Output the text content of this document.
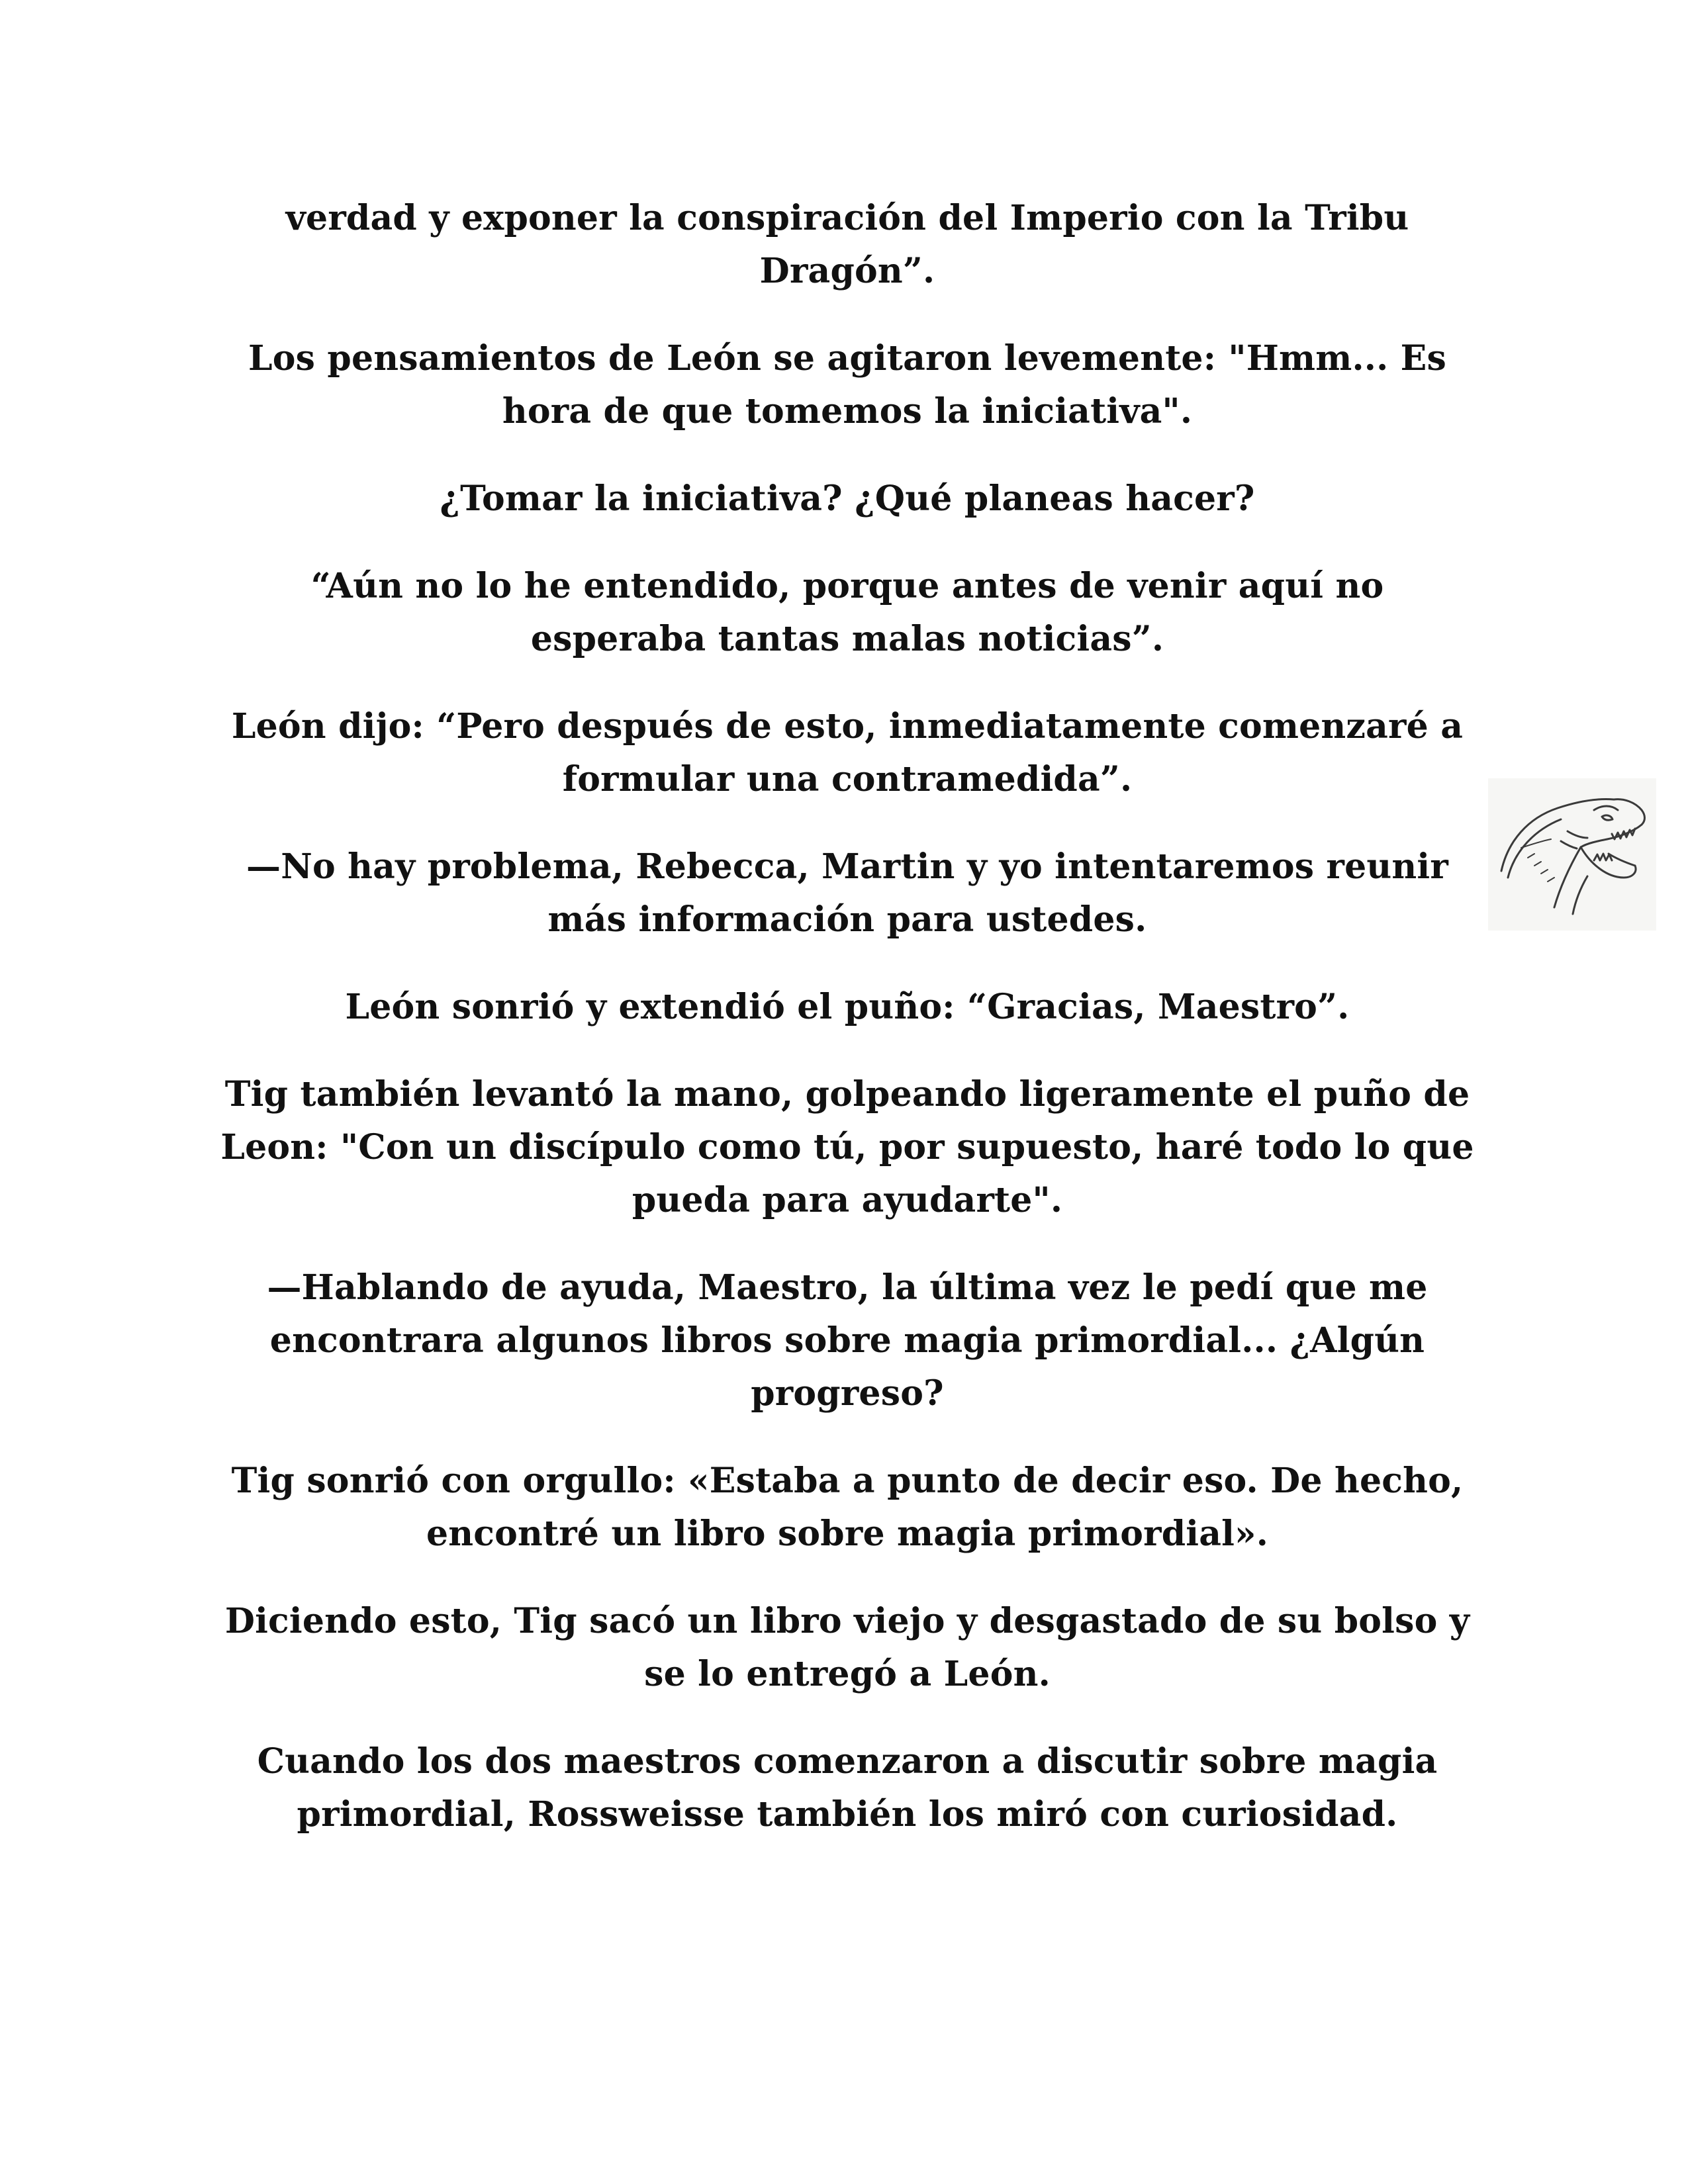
verdad y exponer la conspiración del Imperio con la Tribu Dragón”.

Los pensamientos de León se agitaron levemente: "Hmm... Es hora de que tomemos la iniciativa".

¿Tomar la iniciativa? ¿Qué planeas hacer?

“Aún no lo he entendido, porque antes de venir aquí no esperaba tantas malas noticias”.

León dijo: “Pero después de esto, inmediatamente comenzaré a formular una contramedida”.

—No hay problema, Rebecca, Martin y yo intentaremos reunir más información para ustedes.

León sonrió y extendió el puño: “Gracias, Maestro”.

Tig también levantó la mano, golpeando ligeramente el puño de Leon: "Con un discípulo como tú, por supuesto, haré todo lo que pueda para ayudarte".

—Hablando de ayuda, Maestro, la última vez le pedí que me encontrara algunos libros sobre magia primordial... ¿Algún progreso?

Tig sonrió con orgullo: «Estaba a punto de decir eso. De hecho, encontré un libro sobre magia primordial».

Diciendo esto, Tig sacó un libro viejo y desgastado de su bolso y se lo entregó a León.

Cuando los dos maestros comenzaron a discutir sobre magia primordial, Rossweisse también los miró con curiosidad.
